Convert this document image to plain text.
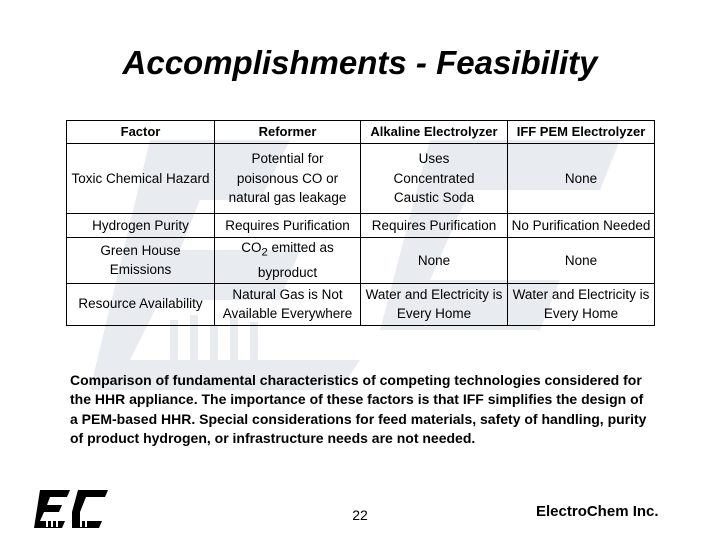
Accomplishments - Feasibility
Factor	Reformer	Alkaline Electrolyzer	IFF PEM Electrolyzer
Toxic Chemical Hazard	Potential for poisonous CO or natural gas leakage	Uses Concentrated Caustic Soda	None
Hydrogen Purity	Requires Purification	Requires Purification	No Purification Needed
Green House Emissions	$CO_2$ emitted as byproduct	None	None
Resource Availability	Natural Gas is Not Available Everywhere	Water and Electricity is Every Home	Water and Electricity is Every Home
Comparison of fundamental characteristics of competing technologies considered for the HHR appliance. The importance of these factors is that IFF simplifies the design of a PEM-based HHR. Special considerations for feed materials, safety of handling, purity of product hydrogen, or infrastructure needs are not needed.
22	ElectroChem Inc.
